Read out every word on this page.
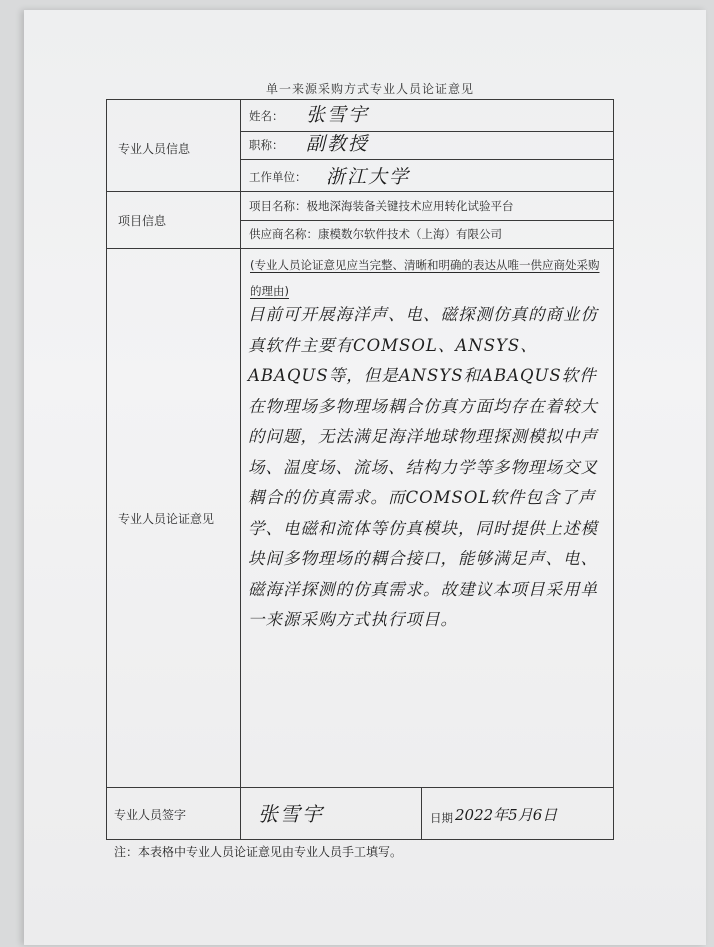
单一来源采购方式专业人员论证意见
专业人员信息
项目信息
专业人员论证意见
专业人员签字
姓名： 张雪宇
职称： 副教授
工作单位： 浙江大学
项目名称：极地深海装备关键技术应用转化试验平台
供应商名称：康模数尔软件技术（上海）有限公司
(专业人员论证意见应当完整、清晰和明确的表达从唯一供应商处采购的理由)
目前可开展海洋声、电、磁探测仿真的商业仿真软件主要有COMSOL、ANSYS、ABAQUS等，但是ANSYS和ABAQUS软件在物理场多物理场耦合仿真方面均存在着较大的问题，无法满足海洋地球物理探测模拟中声场、温度场、流场、结构力学等多物理场交叉耦合的仿真需求。而COMSOL软件包含了声学、电磁和流体等仿真模块，同时提供上述模块间多物理场的耦合接口，能够满足声、电、磁海洋探测的仿真需求。故建议本项目采用单一来源采购方式执行项目。
张雪宇	日期 2022年5月6日
注：本表格中专业人员论证意见由专业人员手工填写。
